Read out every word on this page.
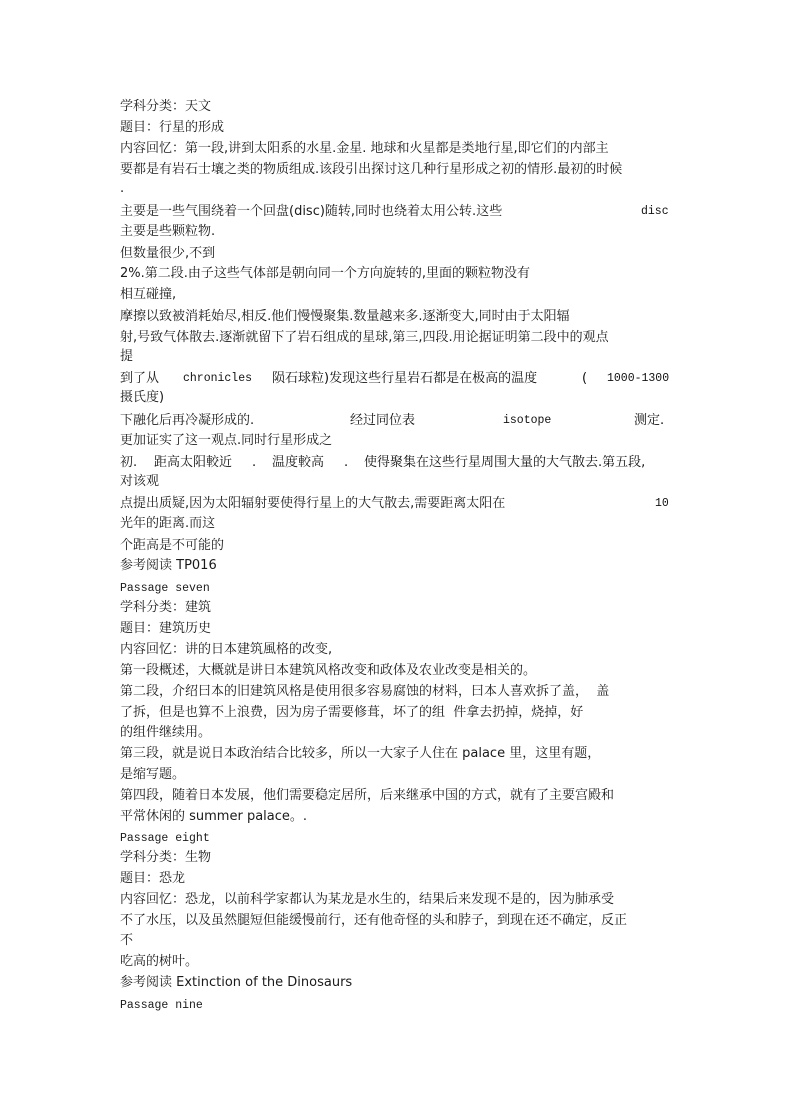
学科分类：天文
题目：行星的形成
内容回忆：第一段,讲到太阳系的水星.金星. 地球和火星都是类地行星,即它们的内部主
要都是有岩石士壤之类的物质组成.该段引出探讨这几种行星形成之初的情形.最初的时候
.
主要是一些气围绕着一个回盘(disc)随转,同时也绕着太用公转.这些	disc
主要是些颗粒物.
但数量很少,不到
2%.第二段.由子这些气体部是朝向同一个方向旋转的,里面的颗粒物没有
相互碰撞,
摩擦以致被消耗始尽,相反.他们慢慢聚集.数量越来多.逐渐变大,同时由于太阳辐
射,号致气体散去.逐渐就留下了岩石组成的星球,第三,四段.用论据证明第二段中的观点
提
到了从 chronicles 陨石球粒)发现这些行星岩石都是在极高的温度	( 1000-1300
摄氏度)
下融化后再冷凝形成的.	经过同位表	isotope	测定.
更加证实了这一观点.同时行星形成之
初. 距高太阳較近 . 温度較高 . 使得聚集在这些行星周围大量的大气散去.第五段,
对该观
点提出质疑,因为太阳辐射要使得行星上的大气散去,需要距离太阳在	10
光年的距离.而这
个距高是不可能的
参考阅读 TP016
Passage seven
学科分类：建筑
题目：建筑历史
内容回忆：讲的日本建筑風格的改变,
第一段概述，大概就是讲日本建筑风格改变和政体及农业改变是相关的。
第二段，介绍曰本的旧建筑风格是使用很多容易腐蚀的材料，曰本人喜欢拆了盖，  盖
了拆，但是也算不上浪费，因为房子需要修葺，坏了的组  件拿去扔掉，烧掉，好
的组件继续用。
第三段，就是说日本政治结合比较多，所以一大家子人住在 palace 里，这里有题，
是缩写题。
第四段，随着日本发展，他们需要稳定居所，后来继承中国的方式，就有了主要宫殿和
平常休闲的 summer palace。.
Passage eight
学科分类：生物
题目：恐龙
内容回忆：恐龙，以前科学家都认为某龙是水生的，结果后来发现不是的，因为肺承受
不了水压，以及虽然腿短但能缓慢前行，还有他奇怪的头和脖子，到现在还不确定，反正
不
吃高的树叶。
参考阅读 Extinction of the Dinosaurs
Passage nine
